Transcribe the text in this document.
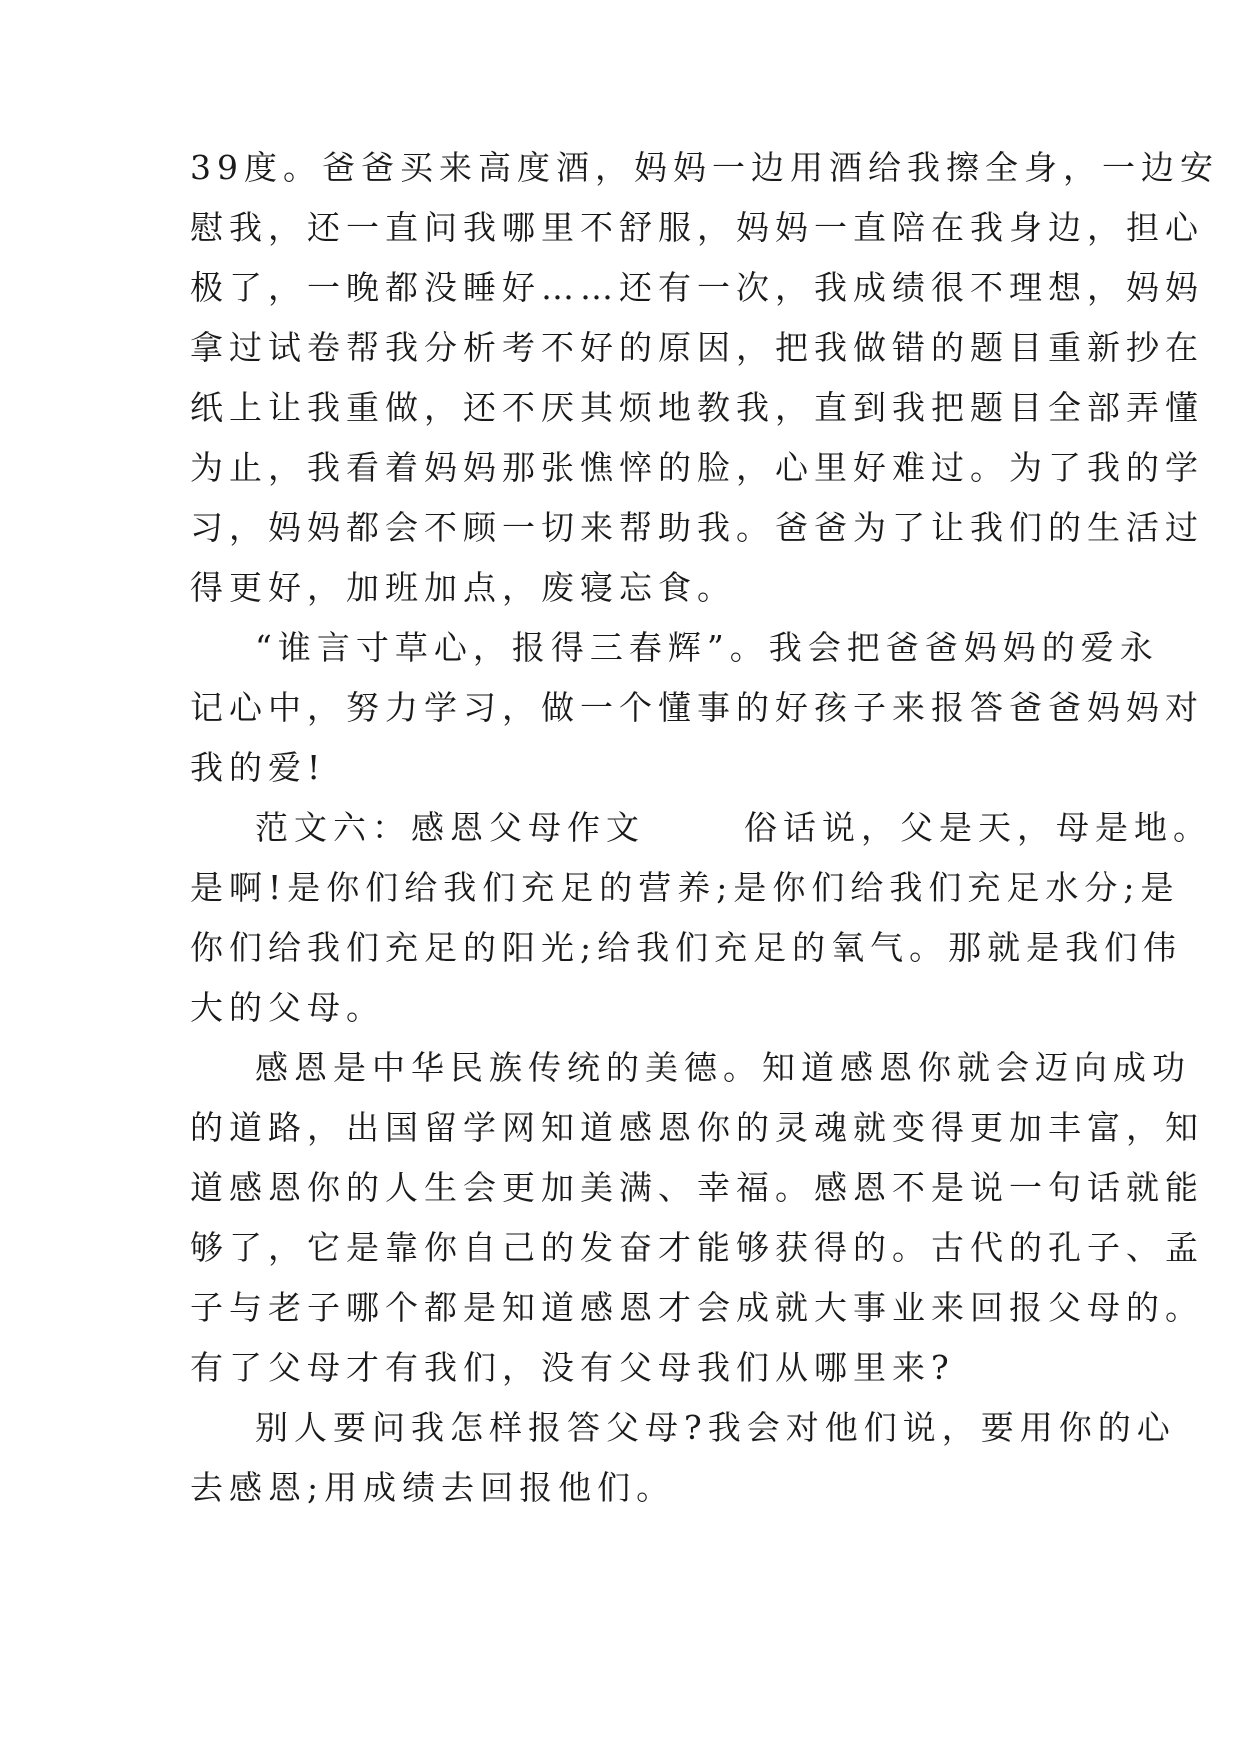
39度。爸爸买来高度酒，妈妈一边用酒给我擦全身，一边安
慰我，还一直问我哪里不舒服，妈妈一直陪在我身边，担心
极了，一晚都没睡好……还有一次，我成绩很不理想，妈妈
拿过试卷帮我分析考不好的原因，把我做错的题目重新抄在
纸上让我重做，还不厌其烦地教我，直到我把题目全部弄懂
为止，我看着妈妈那张憔悴的脸，心里好难过。为了我的学
习，妈妈都会不顾一切来帮助我。爸爸为了让我们的生活过
得更好，加班加点，废寝忘食。
“谁言寸草心，报得三春辉”。我会把爸爸妈妈的爱永
记心中，努力学习，做一个懂事的好孩子来报答爸爸妈妈对
我的爱!
范文六：感恩父母作文      俗话说，父是天，母是地。
是啊!是你们给我们充足的营养;是你们给我们充足水分;是
你们给我们充足的阳光;给我们充足的氧气。那就是我们伟
大的父母。
感恩是中华民族传统的美德。知道感恩你就会迈向成功
的道路，出国留学网知道感恩你的灵魂就变得更加丰富，知
道感恩你的人生会更加美满、幸福。感恩不是说一句话就能
够了，它是靠你自己的发奋才能够获得的。古代的孔子、孟
子与老子哪个都是知道感恩才会成就大事业来回报父母的。
有了父母才有我们，没有父母我们从哪里来?
别人要问我怎样报答父母?我会对他们说，要用你的心
去感恩;用成绩去回报他们。
